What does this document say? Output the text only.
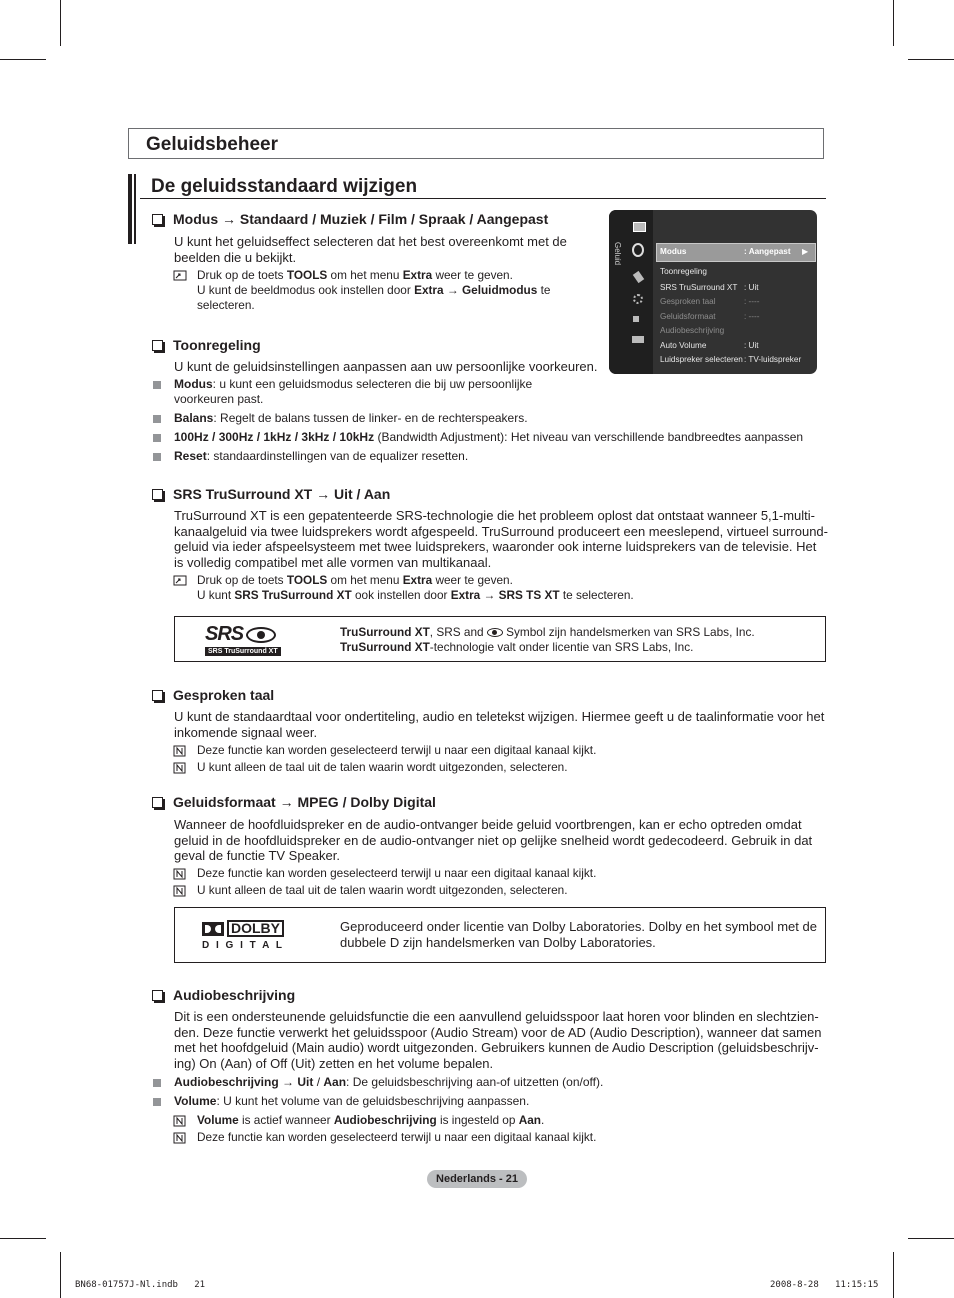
Geluidsbeheer
De geluidsstandaard wijzigen
Modus → Standaard / Muziek / Film / Spraak / Aangepast
U kunt het geluidseffect selecteren dat het best overeenkomt met de
beelden die u bekijkt.
Druk op de toets TOOLS om het menu Extra weer te geven.
U kunt de beeldmodus ook instellen door Extra → Geluidmodus te
selecteren.
Geluid	Modus	: Aangepast ▶
Toonregeling
SRS TruSurround XT : Uit
Gesproken taal	: ----
Geluidsformaat	: ----
Audiobeschrijving
Auto Volume	: Uit
Luidspreker selecteren : TV-luidspreker
Toonregeling
U kunt de geluidsinstellingen aanpassen aan uw persoonlijke voorkeuren.
Modus: u kunt een geluidsmodus selecteren die bij uw persoonlijke
voorkeuren past.
Balans: Regelt de balans tussen de linker- en de rechterspeakers.
100Hz / 300Hz / 1kHz / 3kHz / 10kHz (Bandwidth Adjustment): Het niveau van verschillende bandbreedtes aanpassen
Reset: standaardinstellingen van de equalizer resetten.
SRS TruSurround XT → Uit / Aan
TruSurround XT is een gepatenteerde SRS-technologie die het probleem oplost dat ontstaat wanneer 5,1-multi-
kanaalgeluid via twee luidsprekers wordt afgespeeld. TruSurround produceert een meeslepend, virtueel surround-
geluid via ieder afspeelsysteem met twee luidsprekers, waaronder ook interne luidsprekers van de televisie. Het
is volledig compatibel met alle vormen van multikanaal.
Druk op de toets TOOLS om het menu Extra weer te geven.
U kunt SRS TruSurround XT ook instellen door Extra → SRS TS XT te selecteren.
SRS
SRS TruSurround XT
TruSurround XT, SRS and
Symbol zijn handelsmerken van SRS Labs, Inc.
TruSurround XT-technologie valt onder licentie van SRS Labs, Inc.
Gesproken taal
U kunt de standaardtaal voor ondertiteling, audio en teletekst wijzigen. Hiermee geeft u de taalinformatie voor het
inkomende signaal weer.
Deze functie kan worden geselecteerd terwijl u naar een digitaal kanaal kijkt.
U kunt alleen de taal uit de talen waarin wordt uitgezonden, selecteren.
Geluidsformaat → MPEG / Dolby Digital
Wanneer de hoofdluidspreker en de audio-ontvanger beide geluid voortbrengen, kan er echo optreden omdat
geluid in de hoofdluidspreker en de audio-ontvanger niet op gelijke snelheid wordt gedecodeerd. Gebruik in dat
geval de functie TV Speaker.
Deze functie kan worden geselecteerd terwijl u naar een digitaal kanaal kijkt.
U kunt alleen de taal uit de talen waarin wordt uitgezonden, selecteren.
DOLBY
D I G I T A L
Geproduceerd onder licentie van Dolby Laboratories. Dolby en het symbool met de
dubbele D zijn handelsmerken van Dolby Laboratories.
Audiobeschrijving
Dit is een ondersteunende geluidsfunctie die een aanvullend geluidsspoor laat horen voor blinden en slechtzien-
den. Deze functie verwerkt het geluidsspoor (Audio Stream) voor de AD (Audio Description), wanneer dat samen
met het hoofdgeluid (Main audio) wordt uitgezonden. Gebruikers kunnen de Audio Description (geluidsbeschrijv-
ing) On (Aan) of Off (Uit) zetten en het volume bepalen.
Audiobeschrijving → Uit / Aan: De geluidsbeschrijving aan-of uitzetten (on/off).
Volume: U kunt het volume van de geluidsbeschrijving aanpassen.
Volume is actief wanneer Audiobeschrijving is ingesteld op Aan.
Deze functie kan worden geselecteerd terwijl u naar een digitaal kanaal kijkt.
Nederlands - 21
BN68-01757J-Nl.indb   21	2008-8-28   11:15:15
